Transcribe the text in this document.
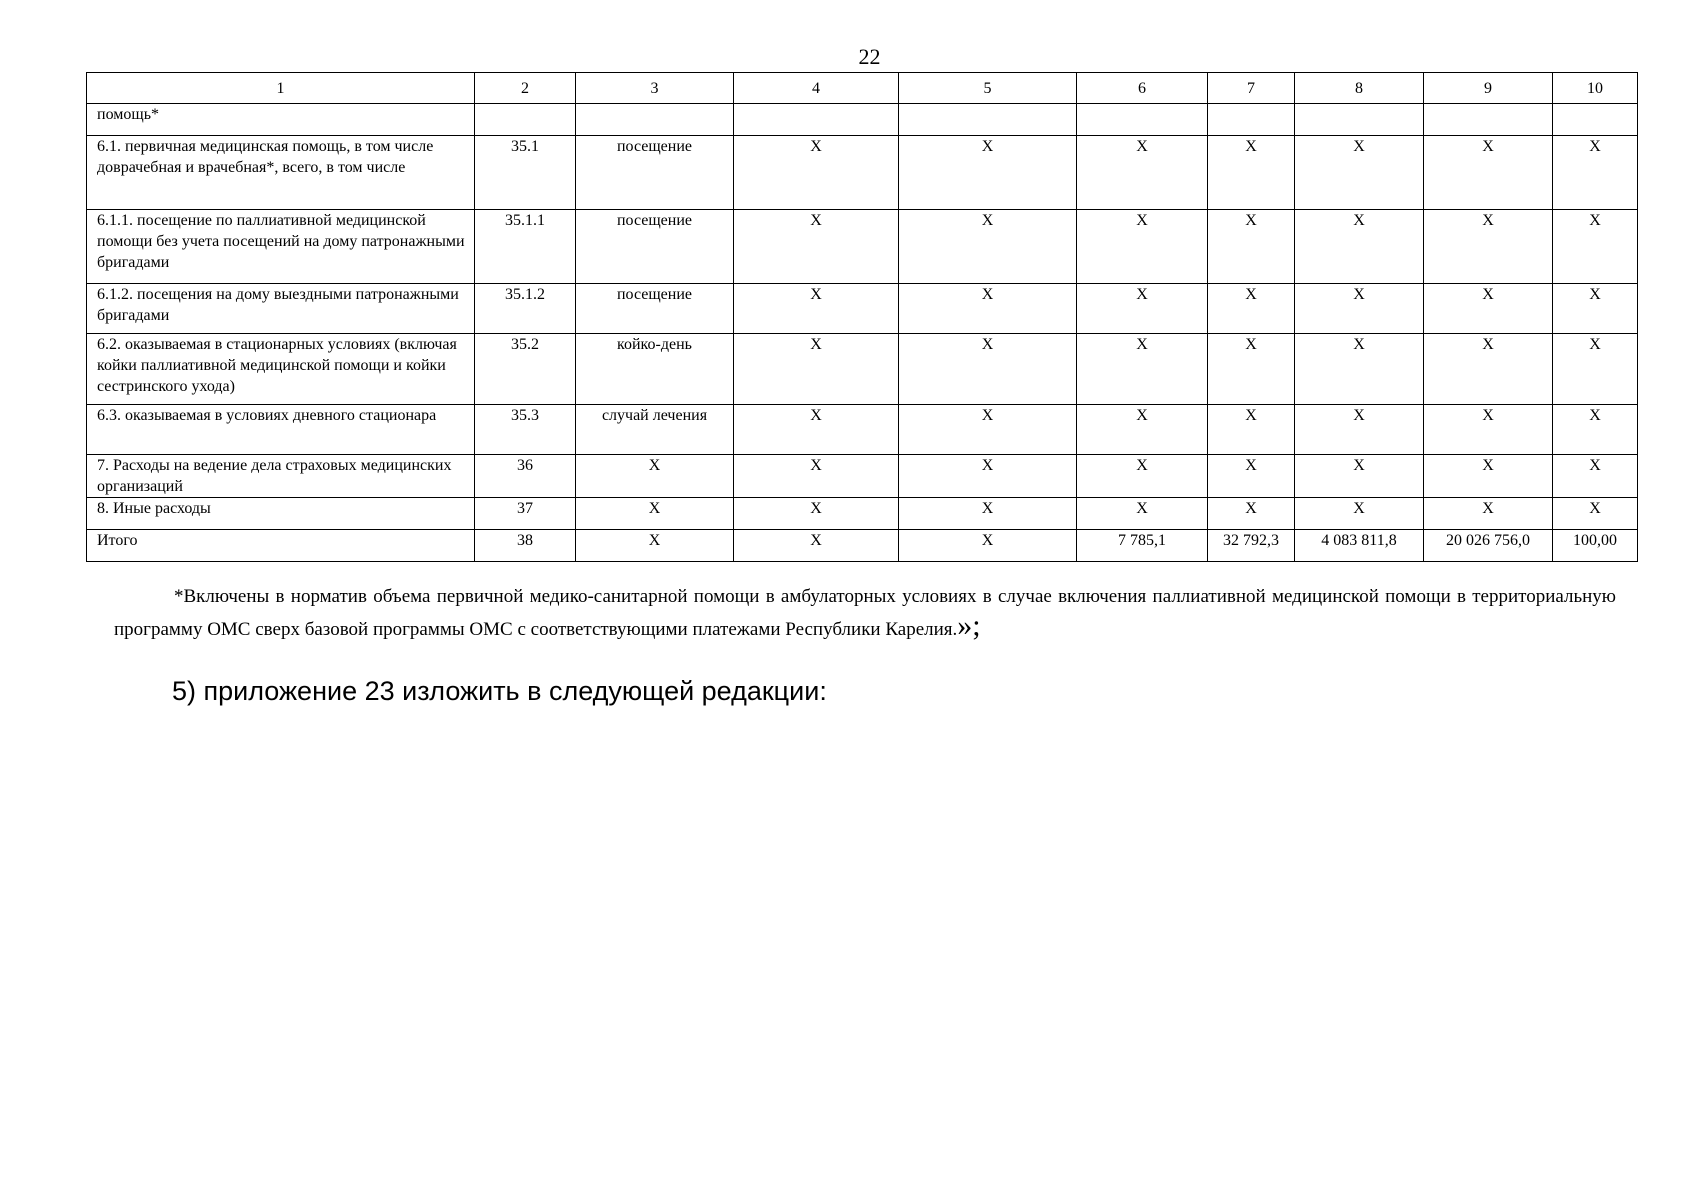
22
1	2	3	4	5	6	7	8	9	10
помощь*									
6.1. первичная медицинская помощь, в том числе доврачебная и врачебная*, всего, в том числе	35.1	посещение	Х	Х	Х	Х	Х	Х	Х
6.1.1. посещение по паллиативной медицинской помощи без учета посещений на дому патронажными бригадами	35.1.1	посещение	Х	Х	Х	Х	Х	Х	Х
6.1.2. посещения на дому выездными патронажными бригадами	35.1.2	посещение	Х	Х	Х	Х	Х	Х	Х
6.2. оказываемая в стационарных условиях (включая койки паллиативной медицинской помощи и койки сестринского ухода)	35.2	койко-день	Х	Х	Х	Х	Х	Х	Х
6.3. оказываемая в условиях дневного стационара	35.3	случай лечения	Х	Х	Х	Х	Х	Х	Х
7. Расходы на ведение дела страховых медицинских организаций	36	Х	Х	Х	Х	Х	Х	Х	Х
8. Иные расходы	37	Х	Х	Х	Х	Х	Х	Х	Х
Итого	38	Х	Х	Х	7 785,1	32 792,3	4 083 811,8	20 026 756,0	100,00

*Включены в норматив объема первичной медико-санитарной помощи в амбулаторных условиях в случае включения паллиативной медицинской помощи в территориальную программу ОМС сверх базовой программы ОМС с соответствующими платежами Республики Карелия.»;

5) приложение 23 изложить в следующей редакции:
